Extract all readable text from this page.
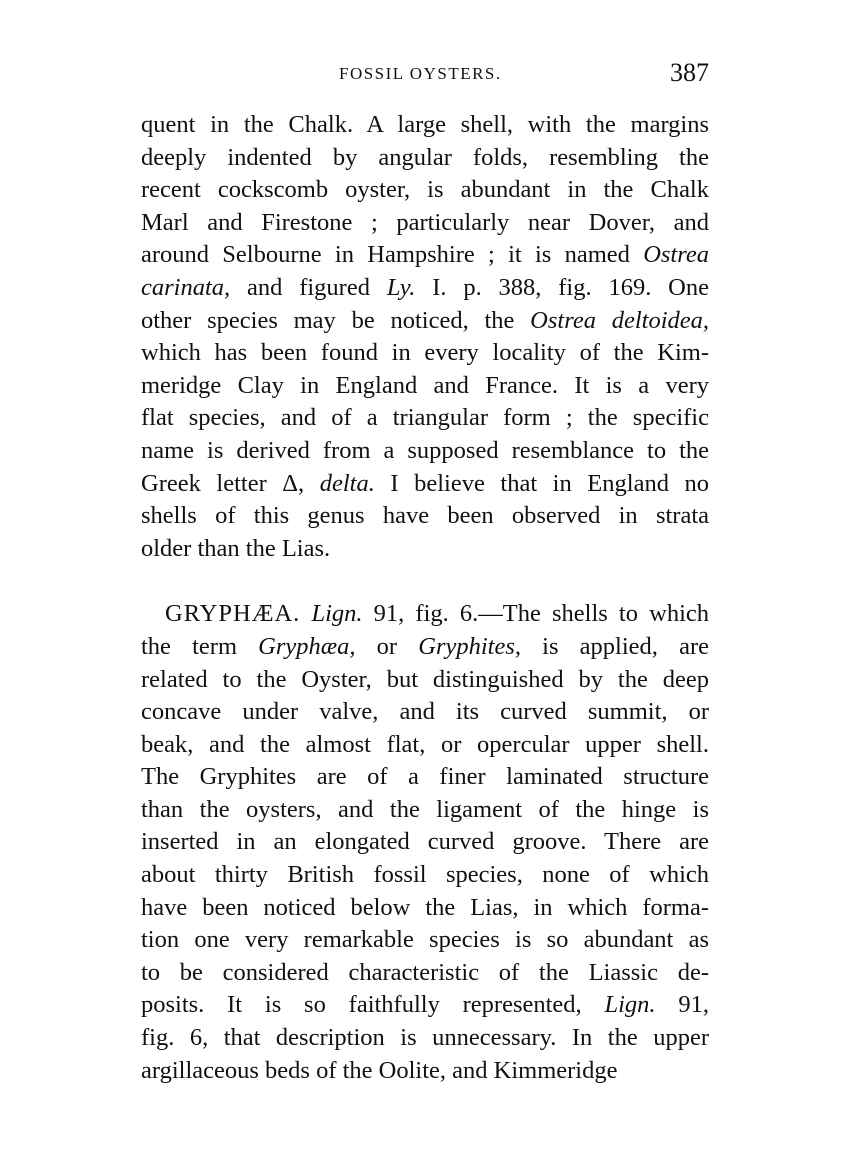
FOSSIL OYSTERS.	387
quent in the Chalk. A large shell, with the margins
deeply indented by angular folds, resembling the
recent cockscomb oyster, is abundant in the Chalk
Marl and Firestone ; particularly near Dover, and
around Selbourne in Hampshire ; it is named Ostrea
carinata, and figured Ly. I. p. 388, fig. 169. One
other species may be noticed, the Ostrea deltoidea,
which has been found in every locality of the Kim-
meridge Clay in England and France. It is a very
flat species, and of a triangular form ; the specific
name is derived from a supposed resemblance to the
Greek letter Δ, delta. I believe that in England no
shells of this genus have been observed in strata
older than the Lias.
GRYPHÆA. Lign. 91, fig. 6.—The shells to which
the term Gryphæa, or Gryphites, is applied, are
related to the Oyster, but distinguished by the deep
concave under valve, and its curved summit, or
beak, and the almost flat, or opercular upper shell.
The Gryphites are of a finer laminated structure
than the oysters, and the ligament of the hinge is
inserted in an elongated curved groove. There are
about thirty British fossil species, none of which
have been noticed below the Lias, in which forma-
tion one very remarkable species is so abundant as
to be considered characteristic of the Liassic de-
posits. It is so faithfully represented, Lign. 91,
fig. 6, that description is unnecessary. In the upper
argillaceous beds of the Oolite, and Kimmeridge
